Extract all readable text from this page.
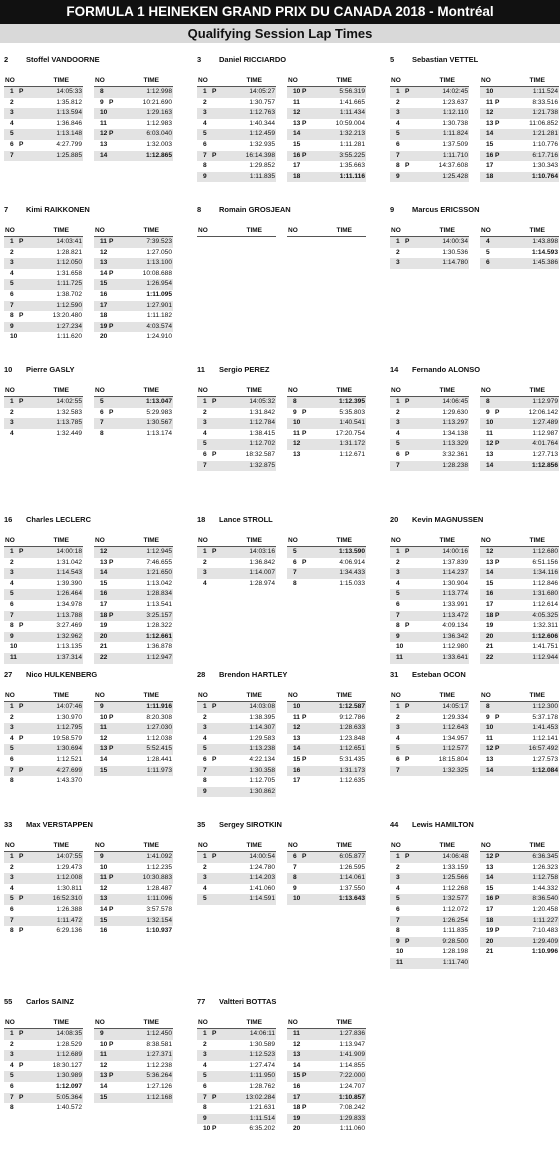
FORMULA 1 HEINEKEN GRAND PRIX DU CANADA 2018 - Montréal
Qualifying Session Lap Times
2 Stoffel VANDOORNE
NO	TIME
1 P	14:05:33
2	1:35.812
3	1:13.594
4	1:36.846
5	1:13.148
6 P	4:27.799
7	1:25.885
NO	TIME
8	1:12.998
9 P	10:21.690
10	1:29.163
11	1:12.983
12 P	6:03.040
13	1:32.003
14	1:12.865
3 Daniel RICCIARDO
NO	TIME
1 P	14:05:27
2	1:30.757
3	1:12.763
4	1:40.344
5	1:12.459
6	1:32.935
7 P	16:14.398
8	1:29.852
9	1:11.835
NO	TIME
10 P	5:56.319
11	1:41.665
12	1:11.434
13 P	10:59.004
14	1:32.213
15	1:11.281
16 P	3:55.225
17	1:35.663
18	1:11.116
5 Sebastian VETTEL
NO	TIME
1 P	14:02:45
2	1:23.637
3	1:12.110
4	1:30.738
5	1:11.824
6	1:37.509
7	1:11.710
8 P	14:37.608
9	1:25.428
NO	TIME
10	1:11.524
11 P	8:33.516
12	1:21.738
13 P	11:06.852
14	1:21.281
15	1:10.776
16 P	6:17.716
17	1:30.343
18	1:10.764
7 Kimi RAIKKONEN
NO	TIME
1 P	14:03:41
2	1:28.821
3	1:12.050
4	1:31.658
5	1:11.725
6	1:38.702
7	1:12.590
8 P	13:20.480
9	1:27.234
10	1:11.620
NO	TIME
11 P	7:39.523
12	1:27.050
13	1:13.100
14 P	10:08.688
15	1:26.954
16	1:11.095
17	1:27.901
18	1:11.182
19 P	4:03.574
20	1:24.910
8 Romain GROSJEAN
NO	TIME	NO	TIME
9 Marcus ERICSSON
NO	TIME
1 P	14:00:34
2	1:30.536
3	1:14.780
NO	TIME
4	1:43.898
5	1:14.593
6	1:45.386
10 Pierre GASLY
NO	TIME
1 P	14:02:55
2	1:32.583
3	1:13.785
4	1:32.449
NO	TIME
5	1:13.047
6 P	5:29.983
7	1:30.567
8	1:13.174
11 Sergio PEREZ
NO	TIME
1 P	14:05:32
2	1:31.842
3	1:12.784
4	1:38.415
5	1:12.702
6 P	18:32.587
7	1:32.875
NO	TIME
8	1:12.395
9 P	5:35.803
10	1:40.541
11 P	17:20.754
12	1:31.172
13	1:12.671
14 Fernando ALONSO
NO	TIME
1 P	14:06:45
2	1:29.630
3	1:13.297
4	1:34.138
5	1:13.329
6 P	3:32.361
7	1:28.238
NO	TIME
8	1:12.979
9 P	12:06.142
10	1:27.489
11	1:12.987
12 P	4:01.764
13	1:27.713
14	1:12.856
16 Charles LECLERC
NO	TIME
1 P	14:00:18
2	1:31.042
3	1:14.543
4	1:39.390
5	1:26.464
6	1:34.978
7	1:13.788
8 P	3:27.469
9	1:32.962
10	1:13.135
11	1:37.314
NO	TIME
12	1:12.945
13 P	7:46.655
14	1:21.650
15	1:13.042
16	1:28.834
17	1:13.541
18 P	3:25.157
19	1:28.322
20	1:12.661
21	1:36.878
22	1:12.947
18 Lance STROLL
NO	TIME
1 P	14:03:16
2	1:36.842
3	1:14.007
4	1:28.974
NO	TIME
5	1:13.590
6 P	4:06.914
7	1:34.433
8	1:15.033
20 Kevin MAGNUSSEN
NO	TIME
1 P	14:00:16
2	1:37.839
3	1:14.237
4	1:30.904
5	1:13.774
6	1:33.991
7	1:13.472
8 P	4:09.134
9	1:36.342
10	1:12.980
11	1:33.641
NO	TIME
12	1:12.680
13 P	6:51.156
14	1:34.116
15	1:12.846
16	1:31.680
17	1:12.614
18 P	4:05.325
19	1:32.311
20	1:12.606
21	1:41.751
22	1:12.944
27 Nico HULKENBERG
NO	TIME
1 P	14:07:46
2	1:30.970
3	1:12.795
4 P	19:58.579
5	1:30.694
6	1:12.521
7 P	4:27.699
8	1:43.370
NO	TIME
9	1:11.916
10 P	8:20.308
11	1:27.030
12	1:12.038
13 P	5:52.415
14	1:28.441
15	1:11.973
28 Brendon HARTLEY
NO	TIME
1 P	14:03:08
2	1:38.395
3	1:14.307
4	1:29.583
5	1:13.238
6 P	4:22.134
7	1:30.358
8	1:12.705
9	1:30.862
NO	TIME
10	1:12.587
11 P	9:12.786
12	1:28.633
13	1:23.848
14	1:12.651
15 P	5:31.435
16	1:31.173
17	1:12.635
31 Esteban OCON
NO	TIME
1 P	14:05:17
2	1:29.334
3	1:12.643
4	1:34.957
5	1:12.577
6 P	18:15.804
7	1:32.325
NO	TIME
8	1:12.300
9 P	5:37.178
10	1:41.453
11	1:12.141
12 P	16:57.492
13	1:27.573
14	1:12.084
33 Max VERSTAPPEN
NO	TIME
1 P	14:07:55
2	1:29.473
3	1:12.008
4	1:30.811
5 P	16:52.310
6	1:26.388
7	1:11.472
8 P	6:29.136
NO	TIME
9	1:41.092
10	1:12.235
11 P	10:30.883
12	1:28.487
13	1:11.096
14 P	3:57.578
15	1:32.154
16	1:10.937
35 Sergey SIROTKIN
NO	TIME
1 P	14:00:54
2	1:24.780
3	1:14.203
4	1:41.060
5	1:14.591
NO	TIME
6 P	6:05.877
7	1:26.595
8	1:14.061
9	1:37.550
10	1:13.643
44 Lewis HAMILTON
NO	TIME
1 P	14:06:48
2	1:33.159
3	1:25.566
4	1:12.268
5	1:32.577
6	1:12.072
7	1:26.254
8	1:11.835
9 P	9:28.500
10	1:28.198
11	1:11.740
NO	TIME
12 P	6:36.345
13	1:26.323
14	1:12.758
15	1:44.332
16 P	8:36.540
17	1:20.458
18	1:11.227
19 P	7:10.483
20	1:29.409
21	1:10.996
55 Carlos SAINZ
NO	TIME
1 P	14:08:35
2	1:28.529
3	1:12.689
4 P	18:30.127
5	1:30.989
6	1:12.097
7 P	5:05.364
8	1:40.572
NO	TIME
9	1:12.450
10 P	8:38.581
11	1:27.371
12	1:12.238
13 P	5:36.264
14	1:27.126
15	1:12.168
77 Valtteri BOTTAS
NO	TIME
1 P	14:06:11
2	1:30.589
3	1:12.523
4	1:27.474
5	1:11.950
6	1:28.762
7 P	13:02.284
8	1:21.631
9	1:11.514
10 P	6:35.202
NO	TIME
11	1:27.836
12	1:13.947
13	1:41.909
14	1:14.855
15 P	7:22.000
16	1:24.707
17	1:10.857
18 P	7:08.242
19	1:29.833
20	1:11.060
